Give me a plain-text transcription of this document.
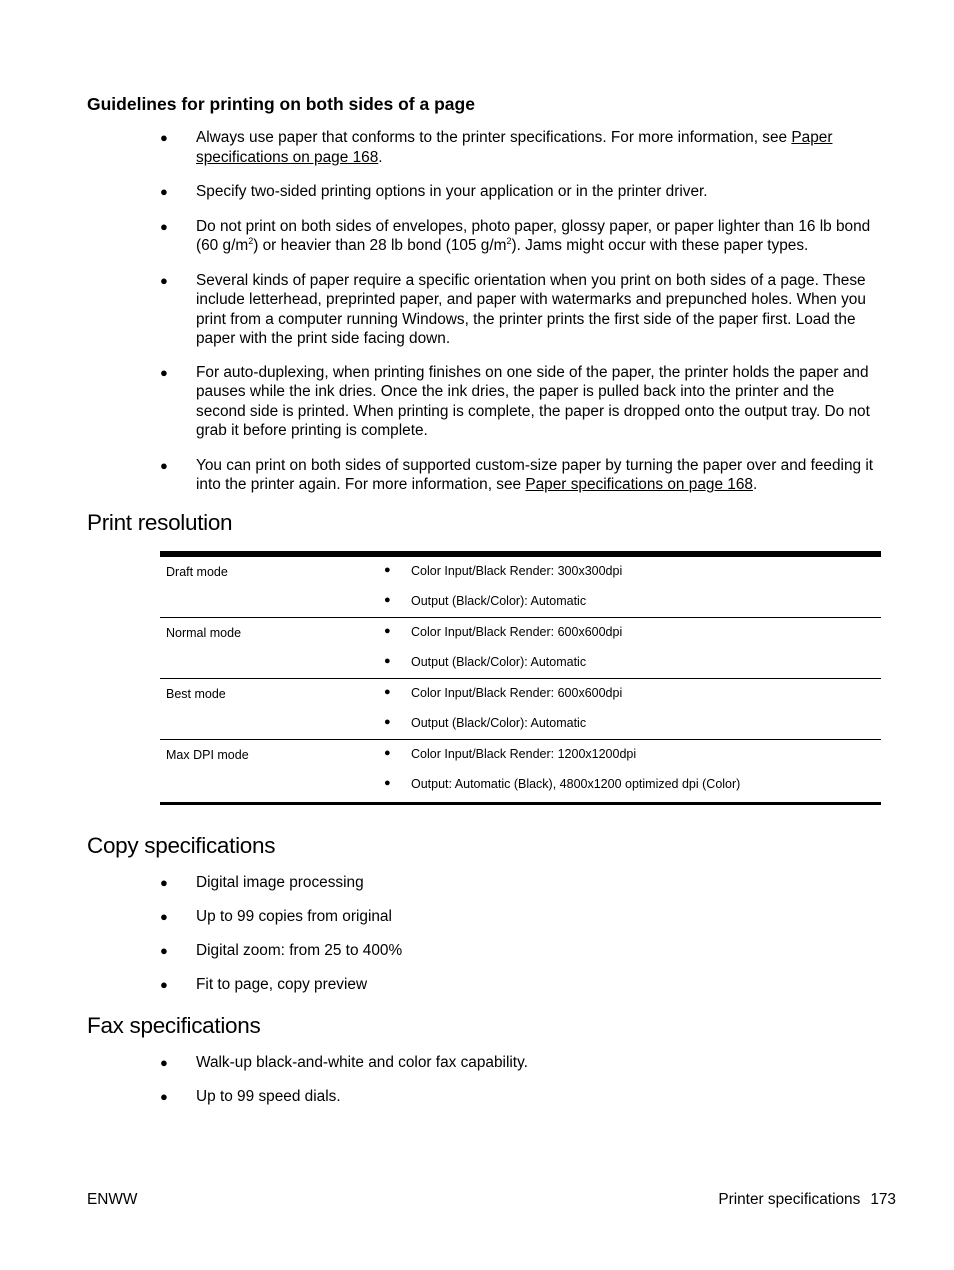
Guidelines for printing on both sides of a page
● Always use paper that conforms to the printer specifications. For more information, see Paper specifications on page 168.
● Specify two-sided printing options in your application or in the printer driver.
● Do not print on both sides of envelopes, photo paper, glossy paper, or paper lighter than 16 lb bond (60 $g/m^2$) or heavier than 28 lb bond (105 $g/m^2$). Jams might occur with these paper types.
● Several kinds of paper require a specific orientation when you print on both sides of a page. These include letterhead, preprinted paper, and paper with watermarks and prepunched holes. When you print from a computer running Windows, the printer prints the first side of the paper first. Load the paper with the print side facing down.
● For auto-duplexing, when printing finishes on one side of the paper, the printer holds the paper and pauses while the ink dries. Once the ink dries, the paper is pulled back into the printer and the second side is printed. When printing is complete, the paper is dropped onto the output tray. Do not grab it before printing is complete.
● You can print on both sides of supported custom-size paper by turning the paper over and feeding it into the printer again. For more information, see Paper specifications on page 168.
Print resolution
Draft mode	● Color Input/Black Render: 300x300dpi
● Output (Black/Color): Automatic
Normal mode	● Color Input/Black Render: 600x600dpi
● Output (Black/Color): Automatic
Best mode	● Color Input/Black Render: 600x600dpi
● Output (Black/Color): Automatic
Max DPI mode	● Color Input/Black Render: 1200x1200dpi
● Output: Automatic (Black), 4800x1200 optimized dpi (Color)
Copy specifications
● Digital image processing
● Up to 99 copies from original
● Digital zoom: from 25 to 400%
● Fit to page, copy preview
Fax specifications
● Walk-up black-and-white and color fax capability.
● Up to 99 speed dials.
ENWW	Printer specifications 173
